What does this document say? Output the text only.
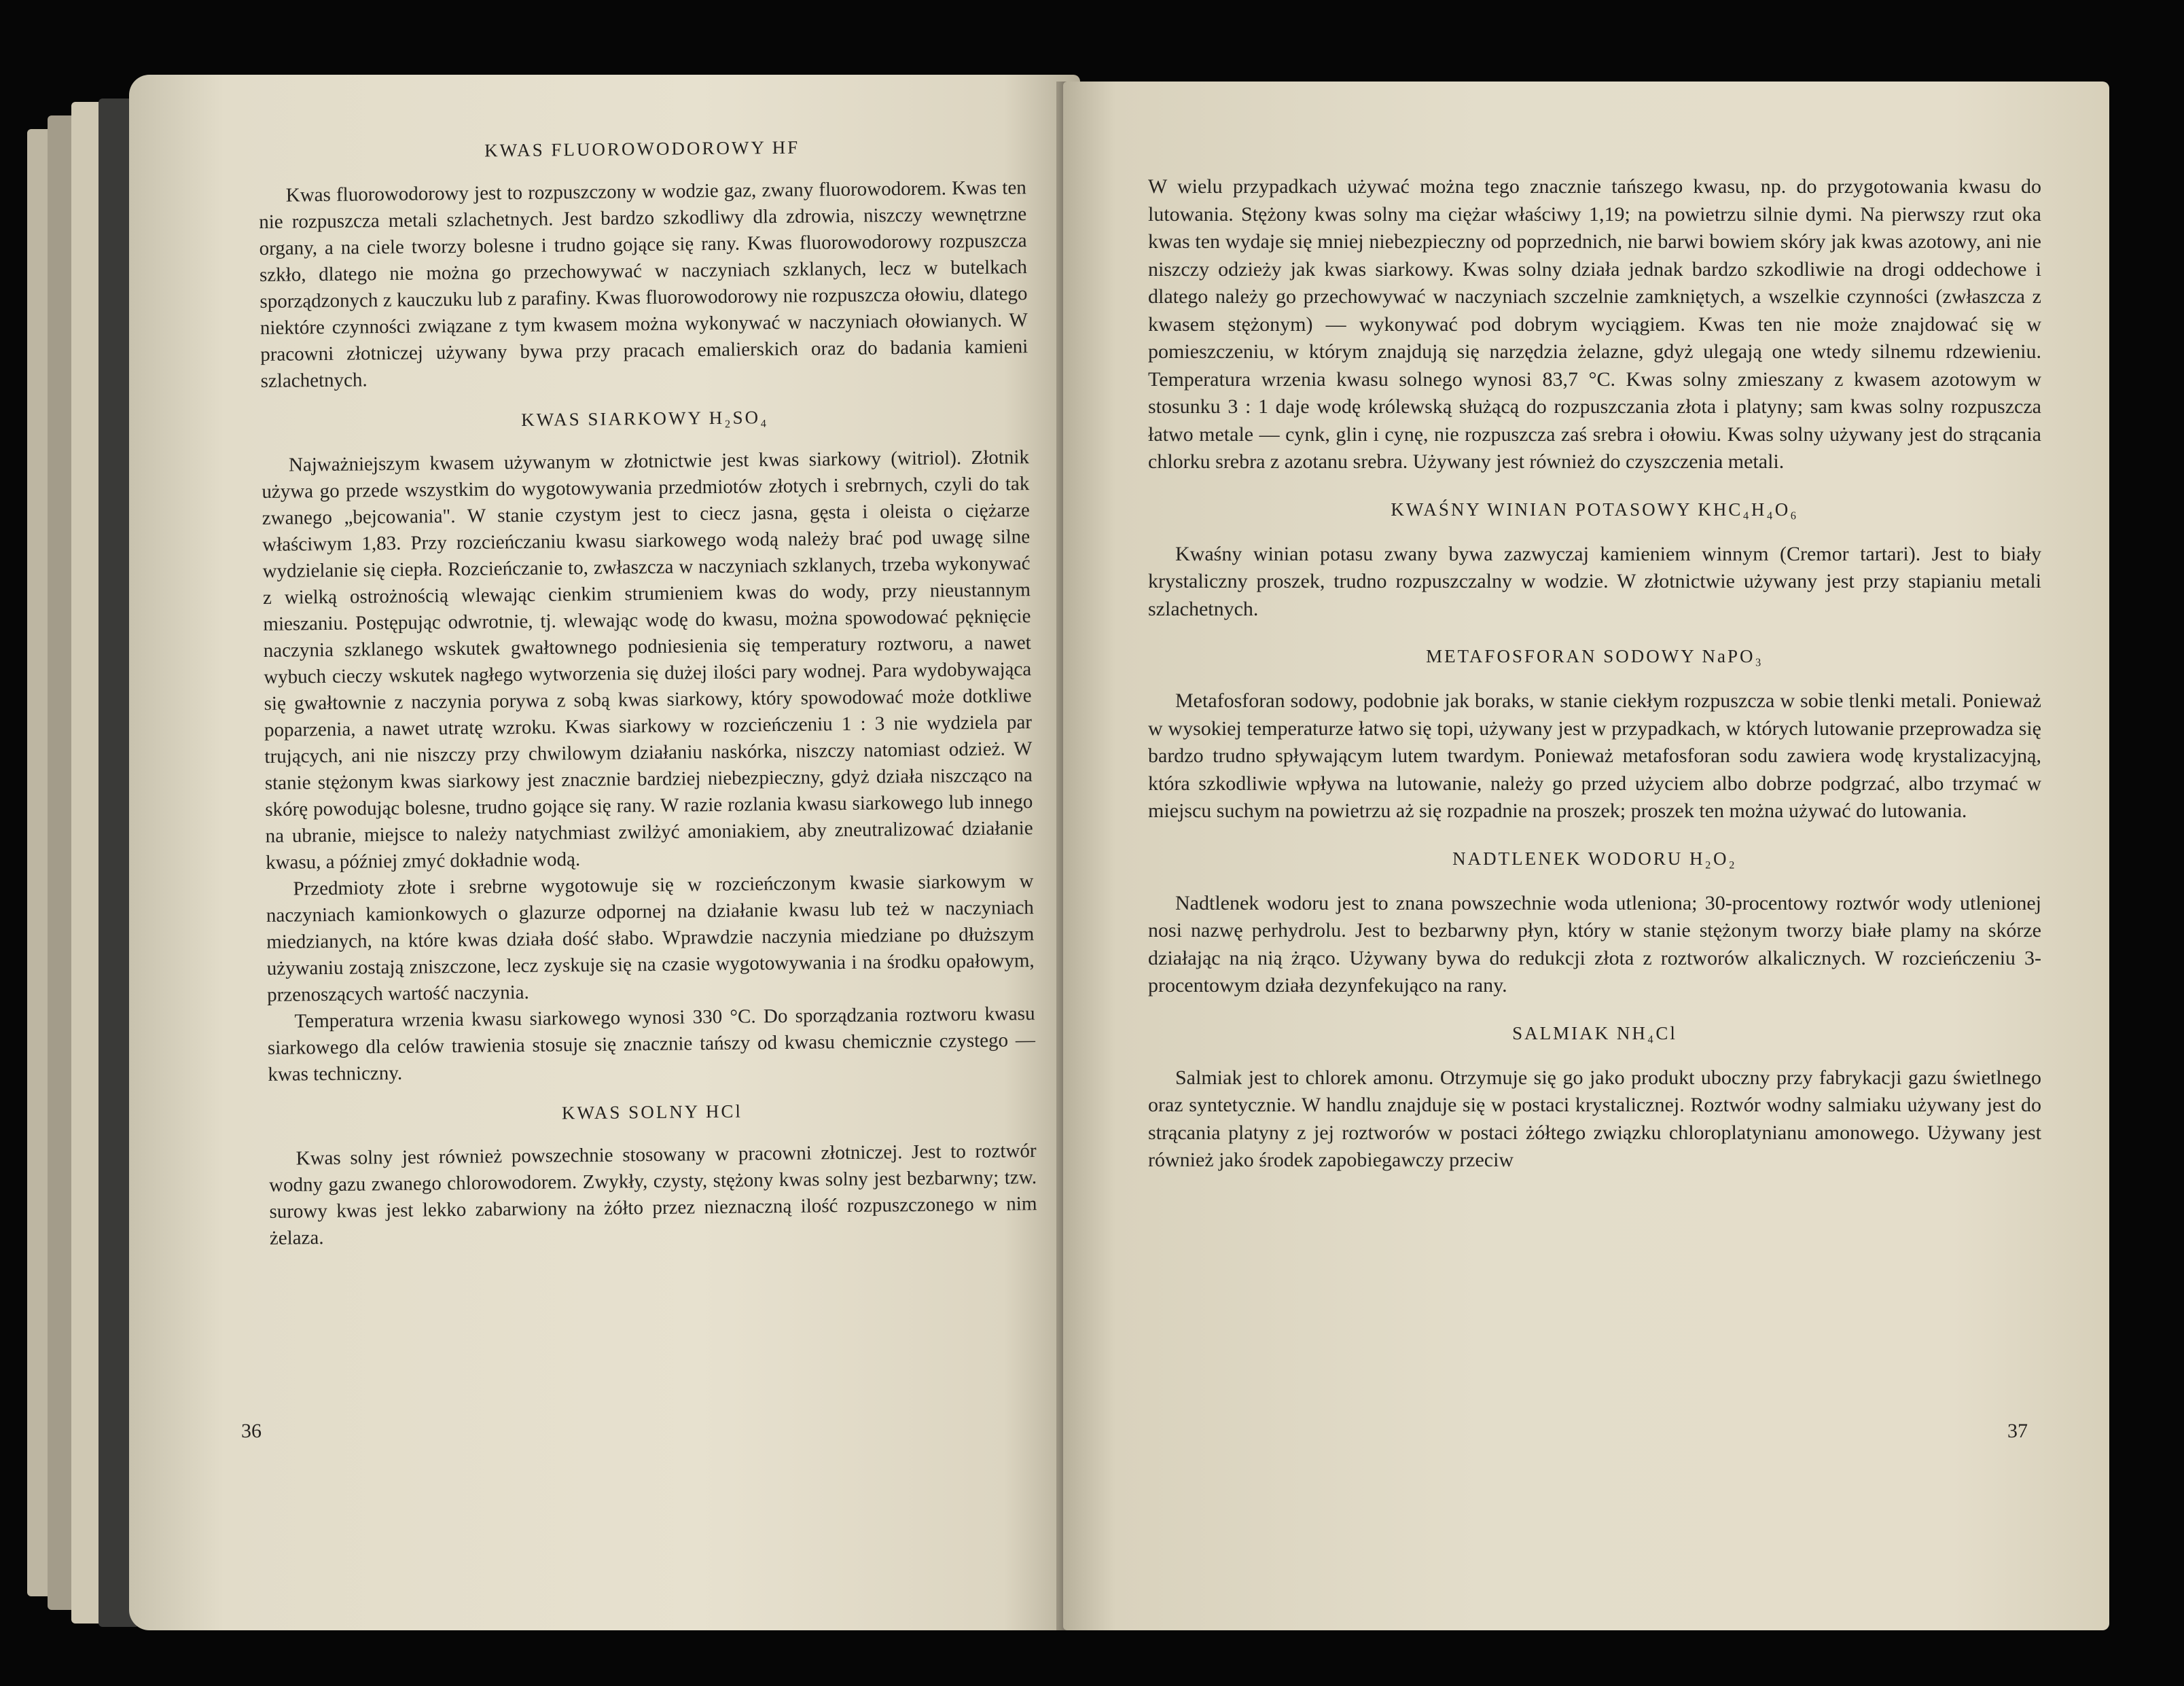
KWAS FLUOROWODOROWY HF

Kwas fluorowodorowy jest to rozpuszczony w wodzie gaz, zwany fluorowodorem. Kwas ten nie rozpuszcza metali szlachetnych. Jest bardzo szkodliwy dla zdrowia, niszczy wewnętrzne organy, a na ciele tworzy bolesne i trudno gojące się rany. Kwas fluorowodorowy rozpuszcza szkło, dlatego nie można go przechowywać w naczyniach szklanych, lecz w butelkach sporządzonych z kauczuku lub z parafiny. Kwas fluorowodorowy nie rozpuszcza ołowiu, dlatego niektóre czynności związane z tym kwasem można wykonywać w naczyniach ołowianych. W pracowni złotniczej używany bywa przy pracach emalierskich oraz do badania kamieni szlachetnych.

KWAS SIARKOWY H₂SO₄

Najważniejszym kwasem używanym w złotnictwie jest kwas siarkowy (witriol). Złotnik używa go przede wszystkim do wygotowywania przedmiotów złotych i srebrnych, czyli do tak zwanego „bejcowania". W stanie czystym jest to ciecz jasna, gęsta i oleista o ciężarze właściwym 1,83. Przy rozcieńczaniu kwasu siarkowego wodą należy brać pod uwagę silne wydzielanie się ciepła. Rozcieńczanie to, zwłaszcza w naczyniach szklanych, trzeba wykonywać z wielką ostrożnością wlewając cienkim strumieniem kwas do wody, przy nieustannym mieszaniu. Postępując odwrotnie, tj. wlewając wodę do kwasu, można spowodować pęknięcie naczynia szklanego wskutek gwałtownego podniesienia się temperatury roztworu, a nawet wybuch cieczy wskutek nagłego wytworzenia się dużej ilości pary wodnej. Para wydobywająca się gwałtownie z naczynia porywa z sobą kwas siarkowy, który spowodować może dotkliwe poparzenia, a nawet utratę wzroku. Kwas siarkowy w rozcieńczeniu 1 : 3 nie wydziela par trujących, ani nie niszczy przy chwilowym działaniu naskórka, niszczy natomiast odzież. W stanie stężonym kwas siarkowy jest znacznie bardziej niebezpieczny, gdyż działa niszcząco na skórę powodując bolesne, trudno gojące się rany. W razie rozlania kwasu siarkowego lub innego na ubranie, miejsce to należy natychmiast zwilżyć amoniakiem, aby zneutralizować działanie kwasu, a później zmyć dokładnie wodą.

Przedmioty złote i srebrne wygotowuje się w rozcieńczonym kwasie siarkowym w naczyniach kamionkowych o glazurze odpornej na działanie kwasu lub też w naczyniach miedzianych, na które kwas działa dość słabo. Wprawdzie naczynia miedziane po dłuższym używaniu zostają zniszczone, lecz zyskuje się na czasie wygotowywania i na środku opałowym, przenoszących wartość naczynia.

Temperatura wrzenia kwasu siarkowego wynosi 330 °C. Do sporządzania roztworu kwasu siarkowego dla celów trawienia stosuje się znacznie tańszy od kwasu chemicznie czystego — kwas techniczny.

KWAS SOLNY HCl

Kwas solny jest również powszechnie stosowany w pracowni złotniczej. Jest to roztwór wodny gazu zwanego chlorowodorem. Zwykły, czysty, stężony kwas solny jest bezbarwny; tzw. surowy kwas jest lekko zabarwiony na żółto przez nieznaczną ilość rozpuszczonego w nim żelaza.

36

W wielu przypadkach używać można tego znacznie tańszego kwasu, np. do przygotowania kwasu do lutowania. Stężony kwas solny ma ciężar właściwy 1,19; na powietrzu silnie dymi. Na pierwszy rzut oka kwas ten wydaje się mniej niebezpieczny od poprzednich, nie barwi bowiem skóry jak kwas azotowy, ani nie niszczy odzieży jak kwas siarkowy. Kwas solny działa jednak bardzo szkodliwie na drogi oddechowe i dlatego należy go przechowywać w naczyniach szczelnie zamkniętych, a wszelkie czynności (zwłaszcza z kwasem stężonym) — wykonywać pod dobrym wyciągiem. Kwas ten nie może znajdować się w pomieszczeniu, w którym znajdują się narzędzia żelazne, gdyż ulegają one wtedy silnemu rdzewieniu. Temperatura wrzenia kwasu solnego wynosi 83,7 °C. Kwas solny zmieszany z kwasem azotowym w stosunku 3 : 1 daje wodę królewską służącą do rozpuszczania złota i platyny; sam kwas solny rozpuszcza łatwo metale — cynk, glin i cynę, nie rozpuszcza zaś srebra i ołowiu. Kwas solny używany jest do strącania chlorku srebra z azotanu srebra. Używany jest również do czyszczenia metali.

KWAŚNY WINIAN POTASOWY KHC₄H₄O₆

Kwaśny winian potasu zwany bywa zazwyczaj kamieniem winnym (Cremor tartari). Jest to biały krystaliczny proszek, trudno rozpuszczalny w wodzie. W złotnictwie używany jest przy stapianiu metali szlachetnych.

METAFOSFORAN SODOWY NaPO₃

Metafosforan sodowy, podobnie jak boraks, w stanie ciekłym rozpuszcza w sobie tlenki metali. Ponieważ w wysokiej temperaturze łatwo się topi, używany jest w przypadkach, w których lutowanie przeprowadza się bardzo trudno spływającym lutem twardym. Ponieważ metafosforan sodu zawiera wodę krystalizacyjną, która szkodliwie wpływa na lutowanie, należy go przed użyciem albo dobrze podgrzać, albo trzymać w miejscu suchym na powietrzu aż się rozpadnie na proszek; proszek ten można używać do lutowania.

NADTLENEK WODORU H₂O₂

Nadtlenek wodoru jest to znana powszechnie woda utleniona; 30-procentowy roztwór wody utlenionej nosi nazwę perhydrolu. Jest to bezbarwny płyn, który w stanie stężonym tworzy białe plamy na skórze działając na nią żrąco. Używany bywa do redukcji złota z roztworów alkalicznych. W rozcieńczeniu 3-procentowym działa dezynfekująco na rany.

SALMIAK NH₄Cl

Salmiak jest to chlorek amonu. Otrzymuje się go jako produkt uboczny przy fabrykacji gazu świetlnego oraz syntetycznie. W handlu znajduje się w postaci krystalicznej. Roztwór wodny salmiaku używany jest do strącania platyny z jej roztworów w postaci żółtego związku chloroplatynianu amonowego. Używany jest również jako środek zapobiegawczy przeciw

37
